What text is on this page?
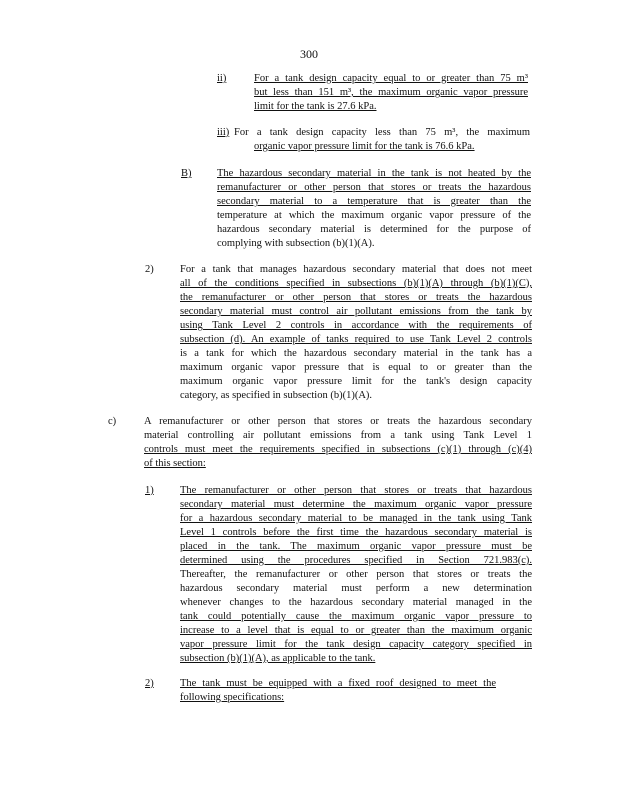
300
ii)	For a tank design capacity equal to or greater than 75 m³
but less than 151 m³, the maximum organic vapor pressure
limit for the tank is 27.6 kPa.
iii) For a tank design capacity less than 75 m³, the maximum
organic vapor pressure limit for the tank is 76.6 kPa.
B) The hazardous secondary material in the tank is not heated by the
remanufacturer or other person that stores or treats the hazardous
secondary material to a temperature that is greater than the
temperature at which the maximum organic vapor pressure of the
hazardous secondary material is determined for the purpose of
complying with subsection (b)(1)(A).
2)	For a tank that manages hazardous secondary material that does not meet
all of the conditions specified in subsections (b)(1)(A) through (b)(1)(C),
the remanufacturer or other person that stores or treats the hazardous
secondary material must control air pollutant emissions from the tank by
using Tank Level 2 controls in accordance with the requirements of
subsection (d). An example of tanks required to use Tank Level 2 controls
is a tank for which the hazardous secondary material in the tank has a
maximum organic vapor pressure that is equal to or greater than the
maximum organic vapor pressure limit for the tank's design capacity
category, as specified in subsection (b)(1)(A).
c)	A remanufacturer or other person that stores or treats the hazardous secondary
material controlling air pollutant emissions from a tank using Tank Level 1
controls must meet the requirements specified in subsections (c)(1) through (c)(4)
of this section:
1)	The remanufacturer or other person that stores or treats that hazardous
secondary material must determine the maximum organic vapor pressure
for a hazardous secondary material to be managed in the tank using Tank
Level 1 controls before the first time the hazardous secondary material is
placed in the tank. The maximum organic vapor pressure must be
determined using the procedures specified in Section 721.983(c).
Thereafter, the remanufacturer or other person that stores or treats the
hazardous secondary material must perform a new determination
whenever changes to the hazardous secondary material managed in the
tank could potentially cause the maximum organic vapor pressure to
increase to a level that is equal to or greater than the maximum organic
vapor pressure limit for the tank design capacity category specified in
subsection (b)(1)(A), as applicable to the tank.
2)	The tank must be equipped with a fixed roof designed to meet the
following specifications:
